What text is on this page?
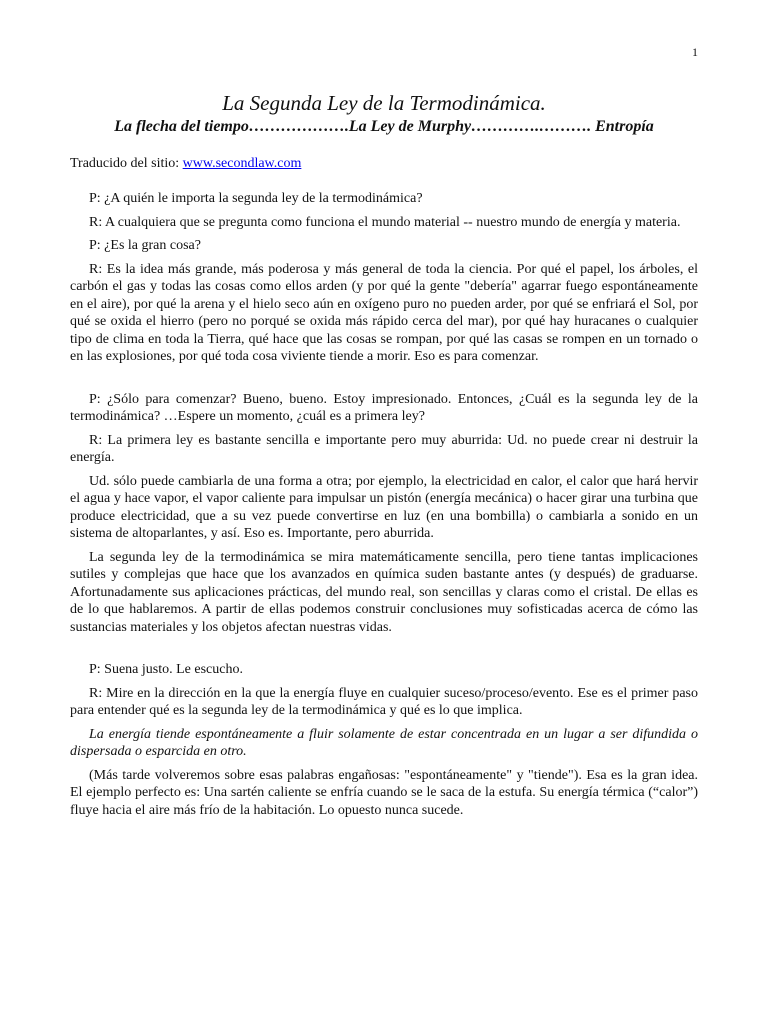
1
La Segunda Ley de la Termodinámica.
La flecha del tiempo……………….La Ley de Murphy………….………. Entropía
Traducido del sitio: www.secondlaw.com

P: ¿A quién le importa la segunda ley de la termodinámica?

R: A cualquiera que se pregunta como funciona el mundo material -- nuestro mundo de energía y materia.

P: ¿Es la gran cosa?

R: Es la idea más grande, más poderosa y más general de toda la ciencia. Por qué el papel, los árboles, el carbón el gas y todas las cosas como ellos arden (y por qué la gente "debería" agarrar fuego espontáneamente en el aire), por qué la arena y el hielo seco aún en oxígeno puro no pueden arder, por qué se enfriará el Sol, por qué se oxida el hierro (pero no porqué se oxida más rápido cerca del mar), por qué hay huracanes o cualquier tipo de clima en toda la Tierra, qué hace que las cosas se rompan, por qué las casas se rompen en un tornado o en las explosiones, por qué toda cosa viviente tiende a morir. Eso es para comenzar.

P: ¿Sólo para comenzar? Bueno, bueno. Estoy impresionado. Entonces, ¿Cuál es la segunda ley de la termodinámica? …Espere un momento, ¿cuál es a primera ley?

R: La primera ley es bastante sencilla e importante pero muy aburrida: Ud. no puede crear ni destruir la energía.

Ud. sólo puede cambiarla de una forma a otra; por ejemplo, la electricidad en calor, el calor que hará hervir el agua y hace vapor, el vapor caliente para impulsar un pistón (energía mecánica) o hacer girar una turbina que produce electricidad, que a su vez puede convertirse en luz (en una bombilla) o cambiarla a sonido en un sistema de altoparlantes, y así. Eso es. Importante, pero aburrida.

La segunda ley de la termodinámica se mira matemáticamente sencilla, pero tiene tantas implicaciones sutiles y complejas que hace que los avanzados en química suden bastante antes (y después) de graduarse. Afortunadamente sus aplicaciones prácticas, del mundo real, son sencillas y claras como el cristal. De ellas es de lo que hablaremos. A partir de ellas podemos construir conclusiones muy sofisticadas acerca de cómo las sustancias materiales y los objetos afectan nuestras vidas.

P: Suena justo. Le escucho.

R: Mire en la dirección en la que la energía fluye en cualquier suceso/proceso/evento. Ese es el primer paso para entender qué es la segunda ley de la termodinámica y qué es lo que implica.

La energía tiende espontáneamente a fluir solamente de estar concentrada en un lugar a ser difundida o dispersada o esparcida en otro.

(Más tarde volveremos sobre esas palabras engañosas: "espontáneamente" y "tiende"). Esa es la gran idea. El ejemplo perfecto es: Una sartén caliente se enfría cuando se le saca de la estufa. Su energía térmica (“calor”) fluye hacia el aire más frío de la habitación. Lo opuesto nunca sucede.
